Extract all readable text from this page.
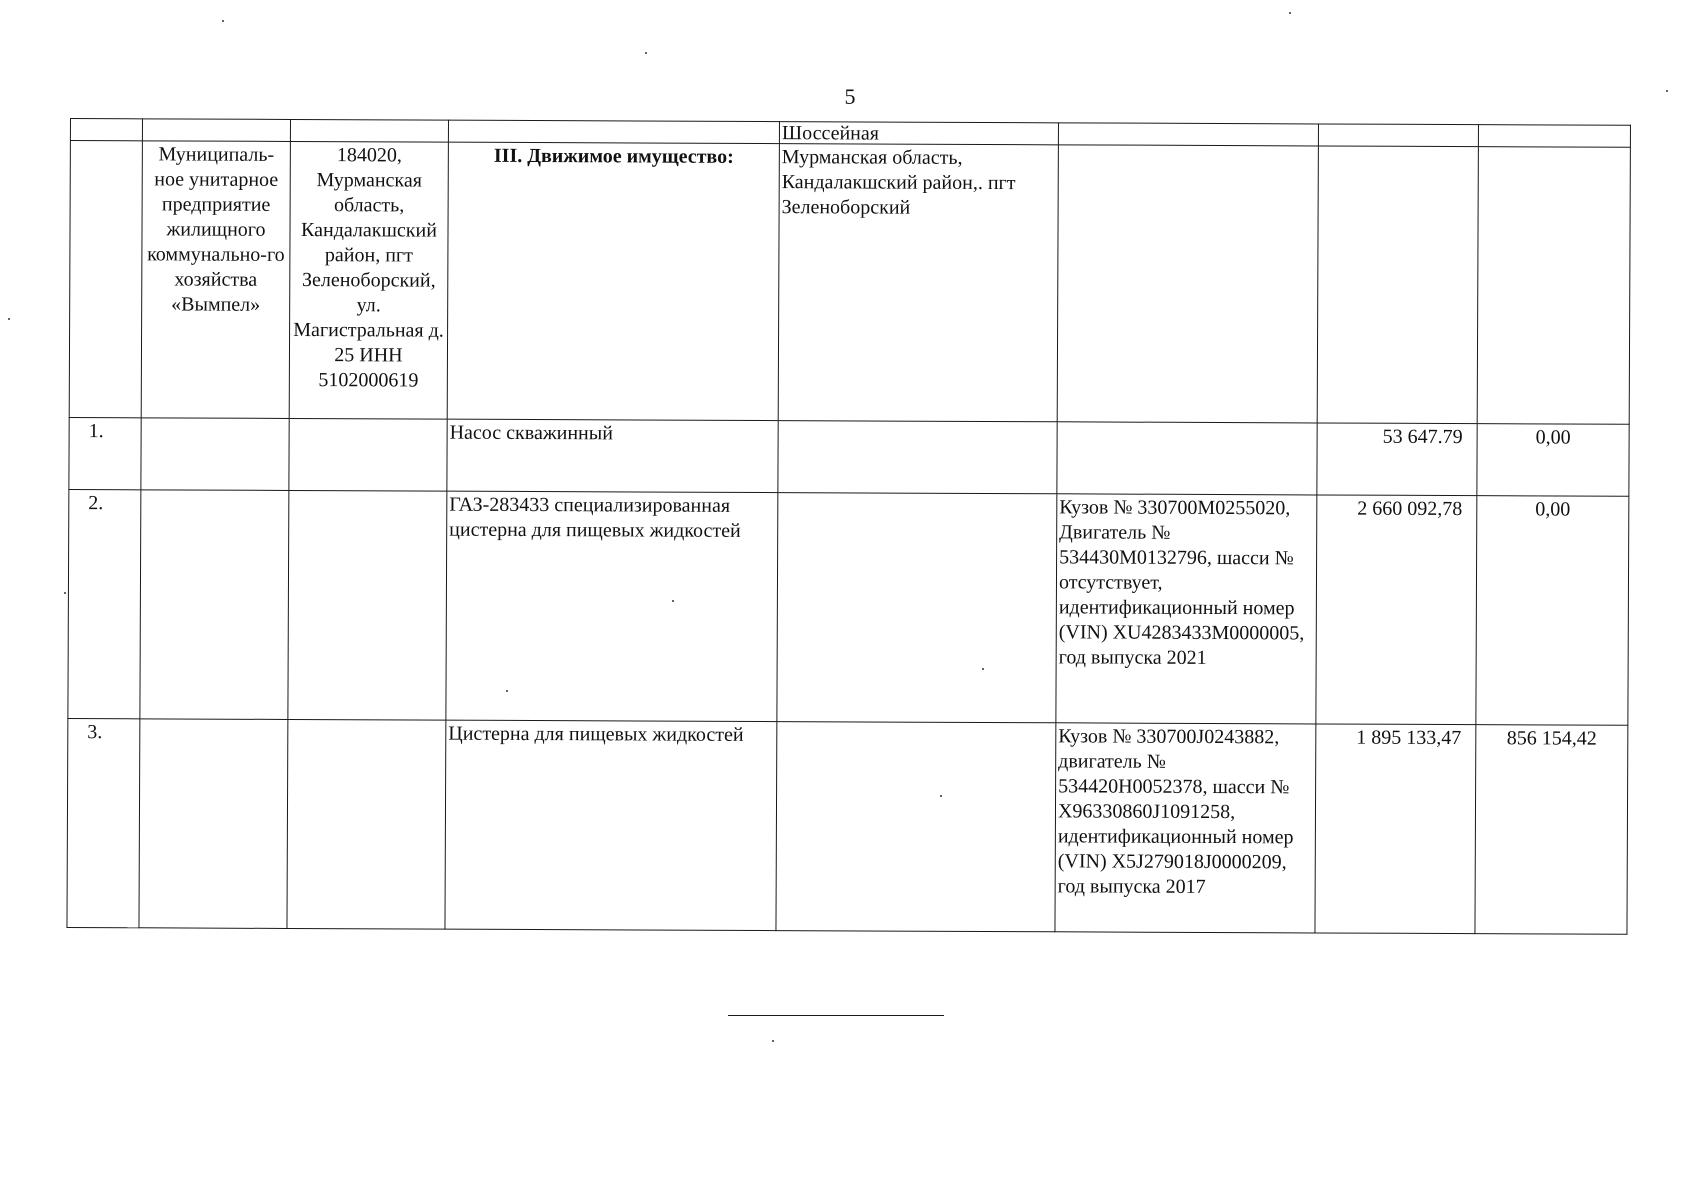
5
				Шоссейная			
	Муниципаль-ное унитарное предприятие жилищного коммунально-го хозяйства «Вымпел»	184020, Мурманская область, Кандалакшский район, пгт Зеленоборский, ул. Магистральная д. 25 ИНН 5102000619	III. Движимое имущество:	Мурманская область, Кандалакшский район,. пгт Зеленоборский			
1.			Насос скважинный			53 647.79	0,00
2.			ГАЗ-283433 специализированная цистерна для пищевых жидкостей		Кузов № 330700М0255020, Двигатель № 534430М0132796, шасси № отсутствует, идентификационный номер (VIN) XU4283433M0000005, год выпуска 2021	2 660 092,78	0,00
3.			Цистерна для пищевых жидкостей		Кузов № 330700J0243882, двигатель № 534420Н0052378, шасси № Х96330860J1091258, идентификационный номер (VIN) X5J279018J0000209, год выпуска 2017	1 895 133,47	856 154,42
